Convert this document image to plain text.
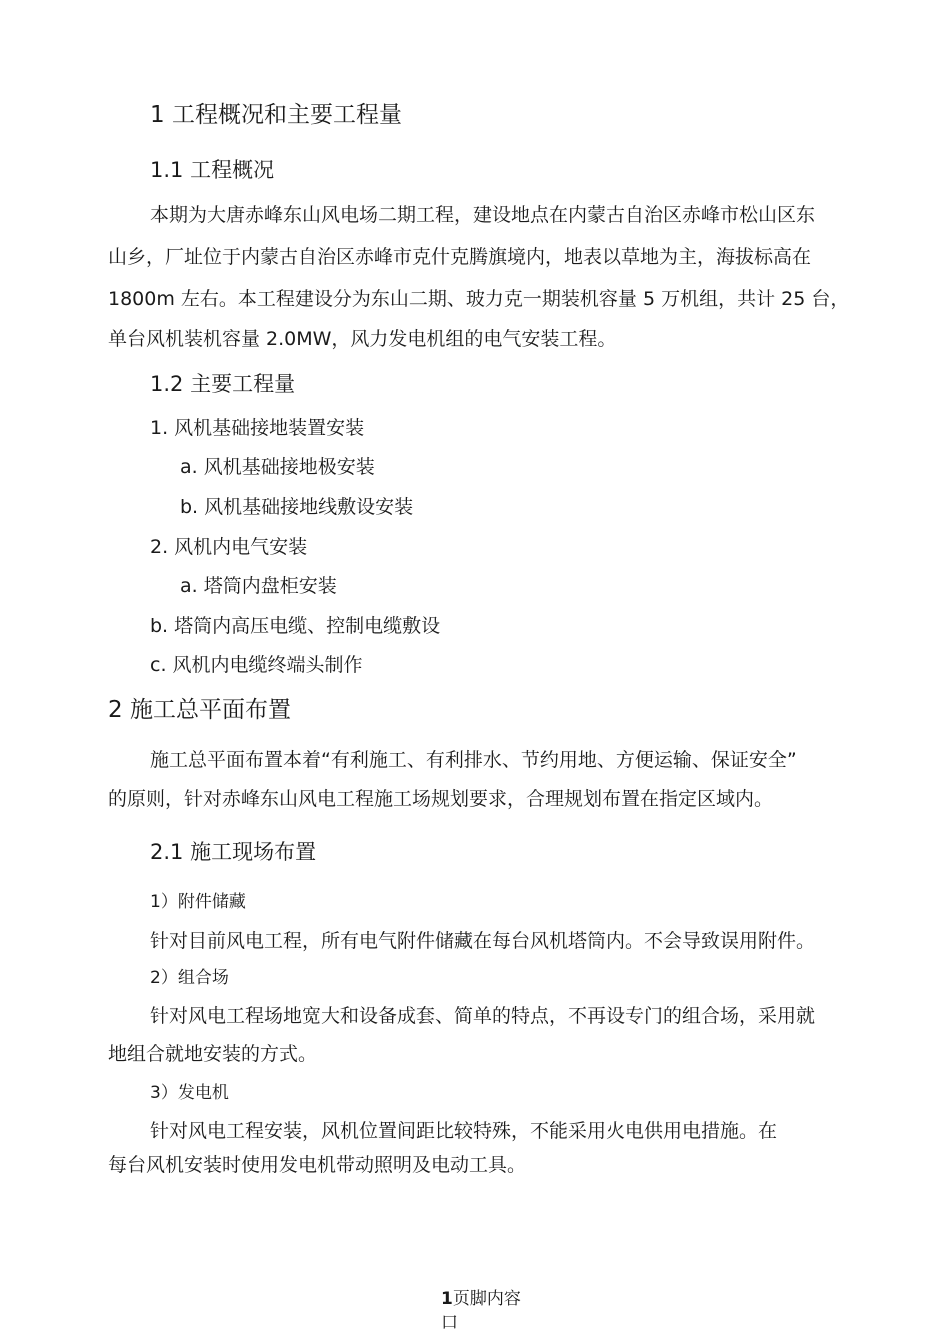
1 工程概况和主要工程量
1.1 工程概况
本期为大唐赤峰东山风电场二期工程，建设地点在内蒙古自治区赤峰市松山区东
山乡，厂址位于内蒙古自治区赤峰市克什克腾旗境内，地表以草地为主，海拔标高在
1800m 左右。本工程建设分为东山二期、玻力克一期装机容量 5 万机组，共计 25 台，
单台风机装机容量 2.0MW，风力发电机组的电气安装工程。
1.2 主要工程量
1. 风机基础接地装置安装
a. 风机基础接地极安装
b. 风机基础接地线敷设安装
2. 风机内电气安装
a. 塔筒内盘柜安装
b. 塔筒内高压电缆、控制电缆敷设
c. 风机内电缆终端头制作
2 施工总平面布置
施工总平面布置本着“有利施工、有利排水、节约用地、方便运输、保证安全”
的原则，针对赤峰东山风电工程施工场规划要求，合理规划布置在指定区域内。
2.1 施工现场布置
1）附件储藏
针对目前风电工程，所有电气附件储藏在每台风机塔筒内。不会导致误用附件。
2）组合场
针对风电工程场地宽大和设备成套、简单的特点，不再设专门的组合场，采用就
地组合就地安装的方式。
3）发电机
针对风电工程安装，风机位置间距比较特殊，不能采用火电供用电措施。在
每台风机安装时使用发电机带动照明及电动工具。
1页脚内容
口
